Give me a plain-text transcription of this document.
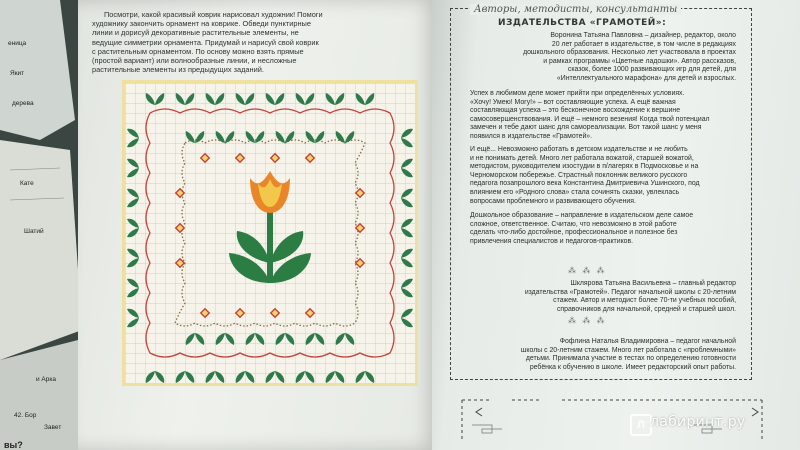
еница
Якит
дерева
Кате
Шатий
вы?
и Арка
42. Бор
Завет
Посмотри, какой красивый коврик нарисовал художник! Помоги
художнику закончить орнамент на коврике. Обведи пунктирные
линии и дорисуй декоративные растительные элементы, не
ведущие симметрии орнамента. Придумай и нарисуй свой коврик
с растительным орнаментом. По основу можно взять прямые
(простой вариант) или волнообразные линии, и несложные
растительные элементы из предыдущих заданий.
Авторы, методисты, консультанты
ИЗДАТЕЛЬСТВА «ГРАМОТЕЙ»:
Воронина Татьяна Павловна – дизайнер, редактор, около
20 лет работает в издательстве, в том числе в редакциях
дошкольного образования. Несколько лет участвовала в проектах
и рамках программы «Цветные ладошки». Автор рассказов,
сказок, более 1000 развивающих игр для детей, для
«Интеллектуального марафона» для детей и взрослых.
Успех в любимом деле может прийти при определённых условиях.
«Хочу! Умею! Могу!» – вот составляющие успеха. А ещё важная
составляющая успеха – это бесконечное восхождение к вершине
самосовершенствования. И ещё – немного везения! Когда твой потенциал
замечен и тебе дают шанс для самореализации. Вот такой шанс у меня
появился в издательстве «Грамотей».
И ещё... Невозможно работать в детском издательстве и не любить
и не понимать детей. Много лет работала вожатой, старшей вожатой,
методистом, руководителем изостудии в п/лагерях в Подмосковье и на
Черноморском побережье. Страстный поклонник великого русского
педагога позапрошлого века Константина Дмитриевича Ушинского, под
влиянием его «Родного слова» стала сочинять сказки, увлеклась
вопросами проблемного и развивающего обучения.
Дошкольное образование – направление в издательском деле самое
сложное, ответственное. Считаю, что невозможно в этой работе
сделать что-либо достойное, профессиональное и полезное без
привлечения специалистов и педагогов-практиков.
⁂ ⁂ ⁂
Шклярова Татьяна Васильевна – главный редактор
издательства «Грамотей». Педагог начальной школы с 20-летним
стажем. Автор и методист более 70-ти учебных пособий,
справочников для начальной, средней и старшей школ.
⁂ ⁂ ⁂
Фофлина Наталья Владимировна – педагог начальной
школы с 20-летним стажем. Много лет работала с «проблемными»
детьми. Принимала участие в тестах по определению готовности
ребёнка к обучению в школе. Имеет редакторский опыт работы.
Л лабиринт.ру
